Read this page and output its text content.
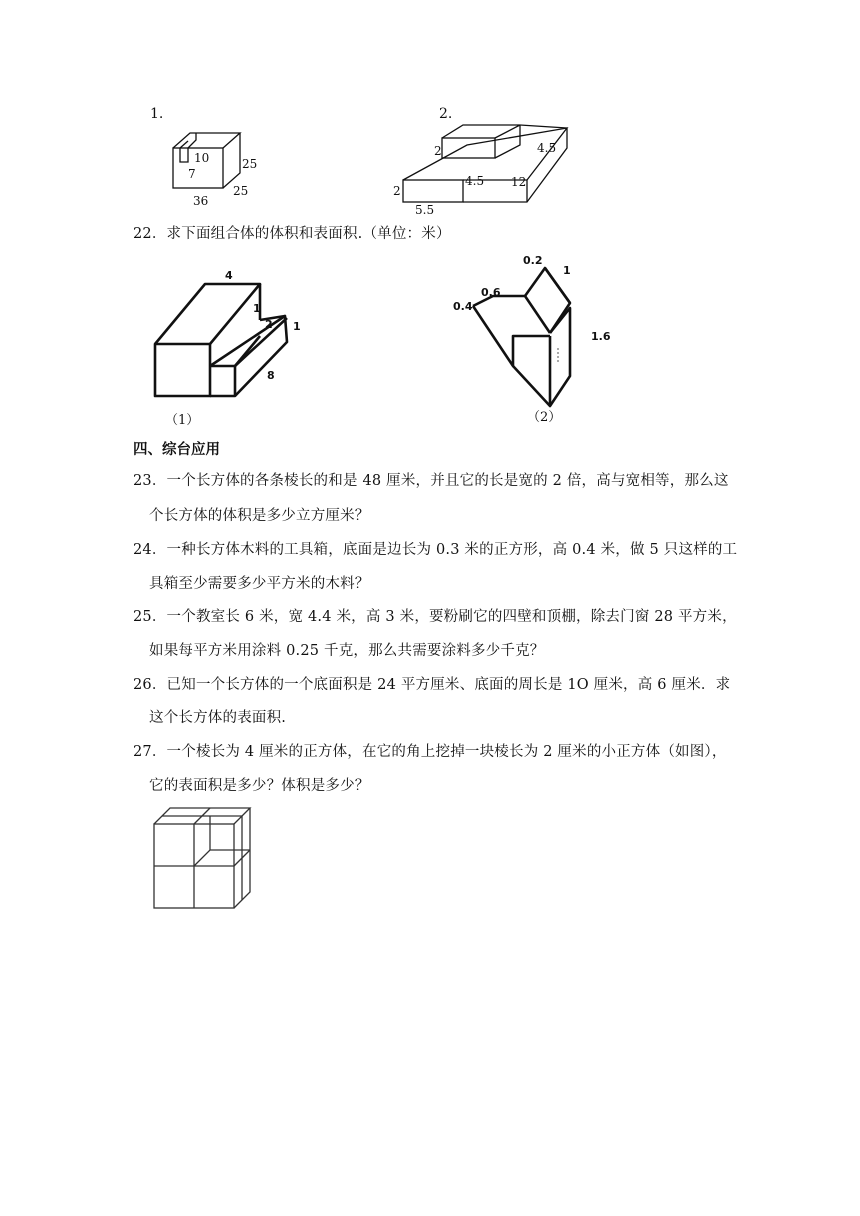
1.
10
7
25
25
36
2.
2	4.5
2
4.5 12
5.5
22．求下面组合体的体积和表面积.（单位：米）
4
1
2 1
8
（1）
0.2
1
0.6
0.4
1.6
（2）
四、综台应用
23．一个长方体的各条棱长的和是 48 厘米，并且它的长是宽的 2 倍，高与宽相等，那么这
个长方体的体积是多少立方厘米？
24．一种长方体木料的工具箱，底面是边长为 0.3 米的正方形，高 0.4 米，做 5 只这样的工
具箱至少需要多少平方米的木料？
25．一个教室长 6 米，宽 4.4 米，高 3 米，要粉刷它的四壁和顶棚，除去门窗 28 平方米，
如果每平方米用涂料 0.25 千克，那么共需要涂料多少千克？
26．已知一个长方体的一个底面积是 24 平方厘米、底面的周长是 1O 厘米，高 6 厘米．求
这个长方体的表面积.
27．一个棱长为 4 厘米的正方体，在它的角上挖掉一块棱长为 2 厘米的小正方体（如图），
它的表面积是多少？体积是多少？
